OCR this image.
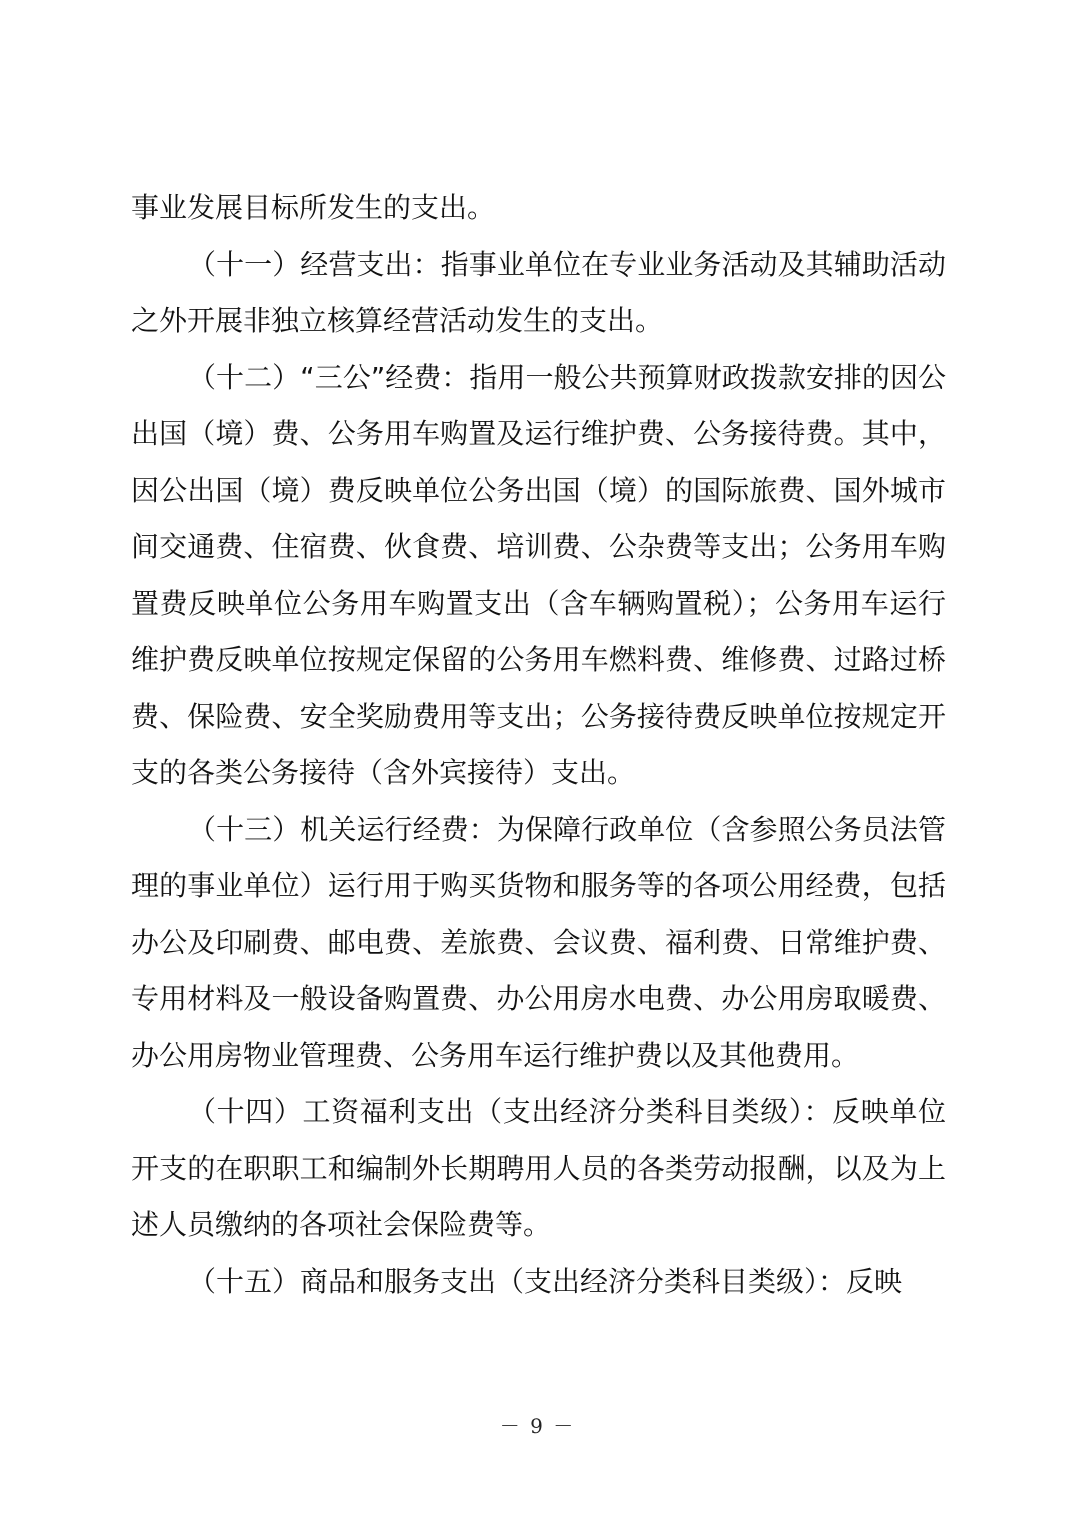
事业发展目标所发生的支出。

（十一）经营支出：指事业单位在专业业务活动及其辅助活动之外开展非独立核算经营活动发生的支出。

（十二）“三公”经费：指用一般公共预算财政拨款安排的因公出国（境）费、公务用车购置及运行维护费、公务接待费。其中，因公出国（境）费反映单位公务出国（境）的国际旅费、国外城市间交通费、住宿费、伙食费、培训费、公杂费等支出；公务用车购置费反映单位公务用车购置支出（含车辆购置税）；公务用车运行维护费反映单位按规定保留的公务用车燃料费、维修费、过路过桥费、保险费、安全奖励费用等支出；公务接待费反映单位按规定开支的各类公务接待（含外宾接待）支出。

（十三）机关运行经费：为保障行政单位（含参照公务员法管理的事业单位）运行用于购买货物和服务等的各项公用经费，包括办公及印刷费、邮电费、差旅费、会议费、福利费、日常维护费、专用材料及一般设备购置费、办公用房水电费、办公用房取暖费、办公用房物业管理费、公务用车运行维护费以及其他费用。

（十四）工资福利支出（支出经济分类科目类级）：反映单位开支的在职职工和编制外长期聘用人员的各类劳动报酬，以及为上述人员缴纳的各项社会保险费等。

（十五）商品和服务支出（支出经济分类科目类级）：反映

－ 9 －
